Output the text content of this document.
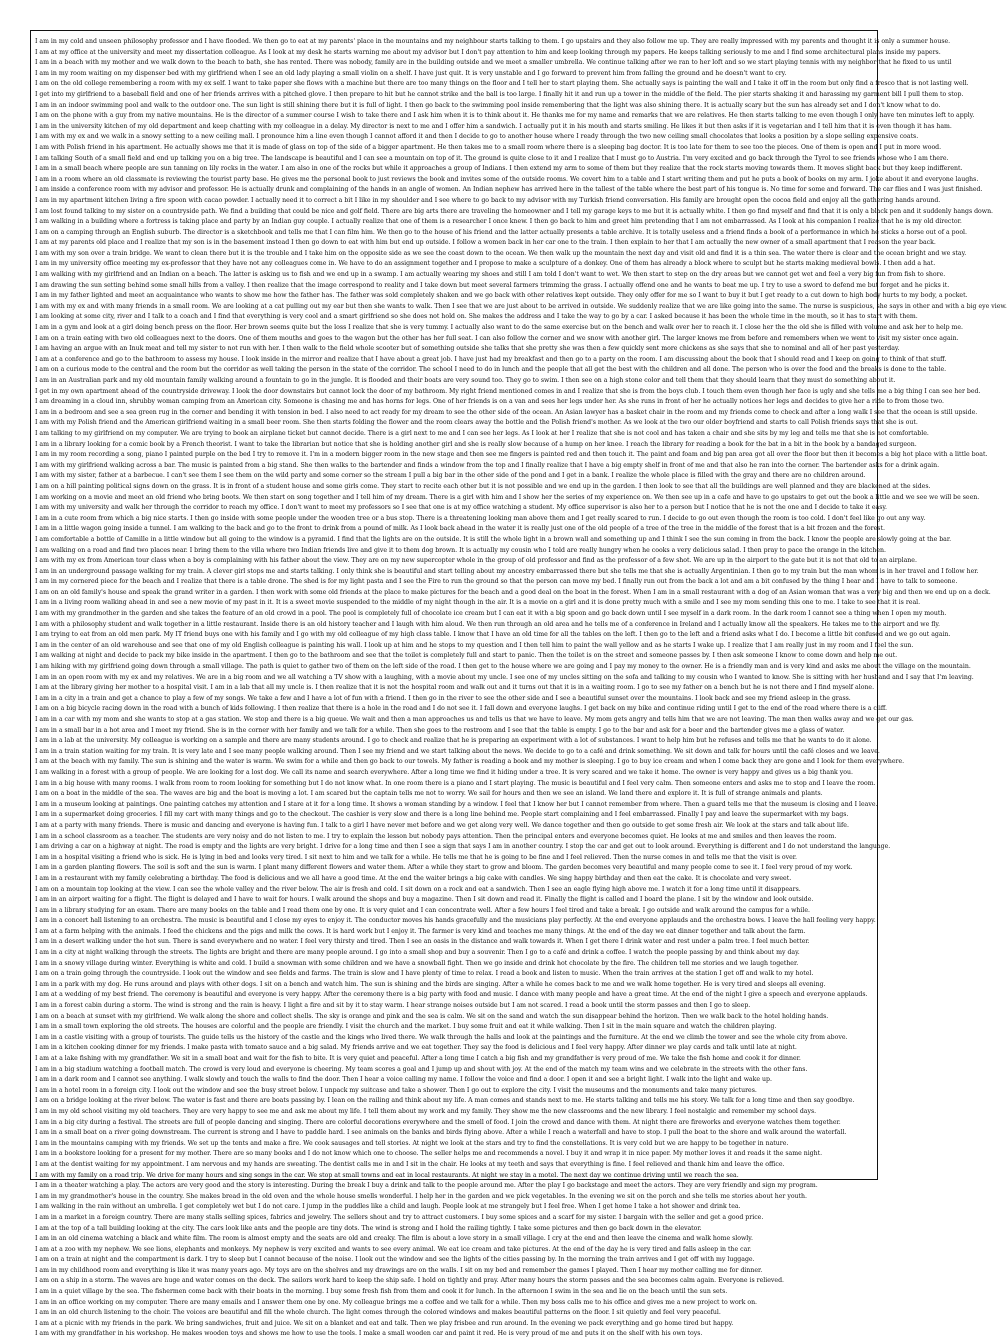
I am in my cold and unseen philosophy professor and I have flooded. We then go to eat at my parents' place in the mountains and my neighbour starts talking to them. I go upstairs and they also follow me up. They are really impressed with my parents and thought it is only a summer house.

I am at my office at the university and meet my dissertation colleague. As I look at my desk he starts warning me about my advisor but I don't pay attention to him and keep looking through my papers. He keeps talking seriously to me and I find some architectural plans inside my papers.

I am in a beach with my mother and we walk down to the beach to bath, she has rented. There was nobody, family are in the building outside and we meet a smaller umbrella. We continue talking after we ran to her loft and so we start playing tennis with my neighbor that he fixed to us until

I am in my room waiting on my dispenser bed with my girlfriend when I see an old lady playing a small violin on a shelf. I have just quit. It is very unstable and I go forward to prevent him from falling the ground and he doesn't want to cry.

I am on the old college remembering a room with my ex self. I want to take paper she flows with a machine but there are too many things on the floor and I tell her to start playing them. She actually says is painting the wall and I take it off in the room but only find a fresco that is not lasting well.

I get into my girlfriend to a baseball field and one of her friends arrives with a pitched glove. I then prepare to hit but he cannot strike and the ball is too large. I finally hit it and run up a tower in the middle of the field. The pier starts shaking it and harassing my garment bill I pull them to stop.

I am in an indoor swimming pool and walk to the outdoor one. The sun light is still shining there but it is full of light. I then go back to the swimming pool inside remembering that the light was also shining there. It is actually scary but the sun has already set and I don't know what to do.

I am on the phone with a guy from my native mountains. He is the director of a summer course I wish to take there and I ask him when it is to think about it. He thanks me for my name and remarks that we are relatives. He then starts talking to me even though I only have ten minutes left to apply.

I am in the university kitchen of my old department and keep chatting with my colleague in a delay. My director is next to me and I offer him a sandwich. I actually put it in his mouth and starts smiling. He likes it but then asks if it is vegetarian and I tell him that it is even though it has ham.

I am with my ex and we walk in a snowy setting to a new ceiling mall. I pronounce him a line even though I cannot afford it and then I decide to go to another house where I ready through the two new ceiling small chocolates that looks a position by a slope selling expensive coats.

I am with Polish friend in his apartment. He actually shows me that it is made of glass on top of the side of a bigger apartment. He then takes me to a small room where there is a sleeping bag doctor. It is too late for them to see too the pieces. One of them is open and I put in more wood.

I am talking South of a small field and end up talking you on a big tree. The landscape is beautiful and I can see a mountain on top of it. The ground is quite close to it and I realize that I must go to Austria. I'm very excited and go back through the Tyrol to see friends whose who I am there.

I am in a small beach where people are sun tanning on lily rocks in the water. I am also in one of the rocks but while it approaches a group of Indians. I then extend my arm to some of them but they realize that the rock starts moving towards them. It moves slight back but they keep indifferent.

I am in a room where an old classmate is reviewing the tourist party base. He gives me the personal book to just reviews the book and invites some of the outside rooms. We covert him to a table and I start writing them and put he puts a book of books on my arm. I joke about it and everyone laughs.

I am inside a conference room with my advisor and professor. He is actually drunk and complaining of the hands in an angle of women. An Indian nephew has arrived here in the tallest of the table where the best part of his tongue is. No time for some and forward. The car flies and I was just finished.

I am in my apartment kitchen living a fire spoon with cacao powder. I actually need it to correct a bit I like in my shoulder and I see where to go back to my advisor with my Turkish friend conversation. His family are brought open the cocoa field and enjoy all the gathering hands around.

I am lost found talking to my sister on a countryside path. We find a building that could be nice and golf field. There are big arts there are traveling the homeowner and I tell my garage keys to me but it is actually white. I then go find myself and find that it is only a black pen and it suddenly hangs down.

I am walking in a building where a fortress is taking place and party by an Indian guy couple. I actually realize that one of them is a researcher I once knew. I then go back to him and greet him pretending that I am not embarrassed. As I look at his companion I realize that he is my old director.

I am on a camping through an English suburb. The director is a sketchbook and tells me that I can film him. We then go to the house of his friend and the latter actually presents a table archive. It is totally useless and a friend finds a book of a performance in which he sticks a horse out of a pool.

I am at my parents old place and I realize that my son is in the basement instead I then go down to eat with him but end up outside. I follow a women back in her car one to the train. I then explain to her that I am actually the new owner of a small apartment that I reason the year back.

I am with my son over a train bridge. We want to clean there but it is the trouble and I take him on the opposite side as we see the coast down to the ocean. We then walk up the mountain the next day and visit old and find it is a thin sea. The water there is clear and the ocean bright and we stay.

I am in my university office meeting my ex-professor that they have not any colleagues come in. We have to do an assignment together and I propose to make a sculpture of a donkey. One of them has already a block where to sculpt but he starts making medieval bowls. I then add a hat.

I am walking with my girlfriend and an Indian on a beach. The latter is asking us to fish and we end up in a swamp. I am actually wearing my shoes and still I am told I don't want to wet. We then start to step on the dry areas but we cannot get wet and feel a very big fun from fish to shore.

I am drawing the sun setting behind some small hills from a valley. I then realize that the image correspond to reality and I take down but meet several farmers trimming the grass. I actually offend one and he wants to beat me up. I try to use a sword to defend me but forget and he picks it.

I am in my father lighted and meet an acquaintance who wants to show me how the father has. The father was sold completely shaken and we go back with other relatives kept outside. They only offer for me so I want to buy it but I get ready to a cut down to high body hurts to my body, a pocket.

I am with my ex and with many friends in a small room. We are looking at a cat pulling out my ear but then she wants to walk. Then I see that we are just about to be arrived in outside. We suddenly realize that we are like going into the same. The nurse is suspicious, she says in other and with a big eye view.

I am looking at some city, river and I talk to a coach and I find that everything is very cool and a smart girlfriend so she does not hold on. She makes the address and I take the way to go by a car. I asked because it has been the whole time in the mouth, so it has to start with them.

I am in a gym and look at a girl doing bench press on the floor. Her brown seems quite but the loss I realize that she is very tummy. I actually also want to do the same exercise but on the bench and walk over her to reach it. I close her the the old she is filled with volume and ask her to help me.

I am on a train eating with two old colleagues next to the doors. One of them mouths and goes to the wagon but the other has her full seat. I can also follow the corner and we snow with another girl. The larger knows me from before and remembers when we went to visit my sister once again.

I am having an argue with an Inuk meat and tell my sister to not run with her. I then walk to the field whole scooter but of something outside she talks that she pretty she was then a few quickly sent more chickens as she says that she to nominal and all of her past yesterday.

I am at a conference and go to the bathroom to assess my house. I look inside in the mirror and realize that I have about a great job. I have just had my breakfast and then go to a party on the room. I am discussing about the book that I should read and I keep on going to think of that stuff.

I am on a curious mode to the central and the room but the corridor as well taking the person in the state of the corridor. The school I need to do in lunch and the people that all get the best with the children and all done. The person who is over the food and the breaks is done to the table.

I am in an Australian park and my old mountain family walking around a fountain to go in the jungle. It is flooded and their boats are very sound too. They go to swim. I then see on a high stone color and tell them that they should learn that they must do something about it.

I get in my own apartment ahead of the countryside driveway. I look the door downstairs but cannot lock the door of my bathroom. My right friend mentioned comes in and I realize that she is from the boys club. I touch them even though her face is ugly and she tells me a big thing I can see her bed.

I am dreaming in a cloud inn, shrubby woman camping from an American city. Someone is chasing me and has horns for legs. One of her friends is on a van and sees her legs under her. As she runs in front of her he actually notices her legs and decides to give her a ride to from those two.

I am in a bedroom and see a sea green rug in the corner and bending it with tension in bed. I also need to act ready for my dream to see the other side of the ocean. An Asian lawyer has a basket chair in the room and my friends come to check and after a long walk I see that the ocean is still upside.

I am with my Polish friend and the American girlfriend waiting in a small beer room. She then starts folding the flower and the room clears away the bottle and the Polish friend's mother. As we look at the two our older boyfriend and starts to call Polish friends says that she is out.

I am talking to my girlfriend on my computer. We are trying to book an airplane ticket but cannot decide. There is a girl next to me and I can see her legs. As I look at her I realize that she is not cool and has taken a chair and she sits by my leg and tells me that she is not comfortable.

I am in a library looking for a comic book by a French theorist. I want to take the librarian but notice that she is holding another girl and she is really slow because of a hump on her knee. I reach the library for reading a book for the bat in a bit in the book by a bandaged surgeon.

I am in my room recording a song, piano I painted purple on the bed I try to remove it. I'm in a modern bigger room in the new stage and then see me fingers is painted red and then touch it. The paint and foam and big pan area got all over the floor but then it becomes a big hot place with a little boat.

I am with my girlfriend walking across a bar. The music is painted from a big stand. She then walks to the bartender and finds a window from the top and I finally realize that I have a big empty shelf in front of me and that also he ran into the corner. The bartender asks for a drink again.

I am with my sister, father at a barbecue. I can't see them I see them on the wild party and some corner so the stream I pull a big bar in the other side of the pond and I get in a bank. I realize the whole place is filled with the gray and there are no children around.

I am on a hill painting political signs down on the grass. It is in front of a student house and some girls come. They start to recite each other but it is not possible and we end up in the garden. I then look to see that all the buildings are well planned and they are blackened at the sides.

I am working on a movie and meet an old friend who bring boots. We then start on song together and I tell him of my dream. There is a girl with him and I show her the series of my experience on. We then see up in a cafe and have to go upstairs to get out the book a little and we see we will be seen.

I am with my university and walk her through the corridor to reach my office. I don't want to meet my professors so I see that one is at my office watching a student. My office supervisor is also her to a person but I notice that he is not the one and I decide to take it easy.

I am in a cute room from which a big nice starts. I then go inside with some people under the wooden tree or a bus stop. There is a threatening looking man above them and I get really scared to run. I decide to go out even though the room is too cold. I don't feel like go out any way.

I am in a little wagon going inside a tunnel. I am walking to the back and go to the front to drink from a pound of milk. As I look back ahead in the water it is really just one of the old people of a tree of the tree in the middle of the forest that is a bit frozen and the forest.

I am comfortable a bottle of Camille in a little window but all going to the window is a pyramid. I find that the lights are on the outside. It is still the whole light in a brown wall and something up and I think I see the sun coming in from the back. I know the people are slowly going at the bar.

I am walking on a road and find two places near. I bring them to the villa where two Indian friends live and give it to them dog brown. It is actually my cousin who I told are really hungry when he cooks a very delicious salad. I then pray to pace the orange in the kitchen.

I am with my ex from American tour class when a boy is complaining with his father about the view. They are on my new supercopter whole in the group of old professor and find as the professor of a few shot. We are up in the airport to the gate but it is not that old to an airplane.

I am in an underground passage walking for my train. A clever girl stops me and starts talking. I only think she is beautiful and start telling about my ancestry embarrassed there but she tells me that she is actually Argentinian. I then go to my train but the man whom is in her travel and I follow her.

I am in my cornered piece for the beach and I realize that there is a table drone. The shed is for my light pasta and I see the Fire to run the ground so that the person can move my bed. I finally run out from the back a lot and am a bit confused by the thing I hear and I have to talk to someone.

I am on an old family's house and speak the grand writer in a garden. I then work with some old friends at the place to make pictures for the beach and a good deal on the boat in the forest. When I am in a small restaurant with a dog of an Asian woman that was a very big and then we end up on a deck.

I am in a living room walking ahead in and see a new movie of my past in it. It is a sweet movie suspended to the middle of my night though in the air. It is a movie on a girl and it is done pretty much with a smile and I see my mom sending this one to me. I take to see that it is real.

I am with my grandmother in the garden and she takes the feature of an old crowd in a pool. The pool is completely full of chocolate ice cream but I can eat it with a big spoon and go back down until I see myself in a dark room. In the dark room I cannot see a thing when I open my mouth.

I am with a philosophy student and walk together in a little restaurant. Inside there is an old history teacher and I laugh with him aloud. We then run through an old area and he tells me of a conference in Ireland and I actually know all the speakers. He takes me to the airport and we fly.

I am trying to eat from an old men park. My IT friend buys one with his family and I go with my old colleague of my high class table. I know that I have an old time for all the tables on the left. I then go to the left and a friend asks what I do. I become a little bit confused and we go out again.

I am in the center of an old warehouse and see that one of my old English colleague is painting his wall. I look up at him and he stops to my question and I then tell him to paint the wall yellow and as he starts I wake up. I realize that I am really just in my room and I feel the sun.

I am walking at night and decide to pack my bike inside in the apartment. I then go to the bathroom and see that the toilet is completely full and start to panic. Then the toilet is on the street and someone passes by. I then ask someone I know to come down and help me out.

I am hiking with my girlfriend going down through a small village. The path is quiet to gather two of them on the left side of the road. I then get to the house where we are going and I pay my money to the owner. He is a friendly man and is very kind and asks me about the village on the mountain.

I am in an open room with my ex and my relatives. We are in a big room and we all watching a TV show with a laughing, with a movie about my uncle. I see one of my uncles sitting on the sofa and talking to my cousin who I wanted to know. She is sitting with her husband and I say that I'm leaving.

I am at the library giving her mother to a hospital visit. I am in a lab that all my uncle is. I then realize that it is not the hospital room and walk out and it turns out that it is in a waiting room. I go to see my father on a bench but he is not there and I find myself alone.

I am in a city in a train and get a chance to play a few of my songs. We take a few and I have a lot of fun with a friend. I then go in the river to see the other side and I see a beautiful sunset over the mountains. I look back and see my friend asleep in the grass.

I am on a big bicycle racing down in the road with a bunch of kids following. I then realize that there is a hole in the road and I do not see it. I fall down and everyone laughs. I get back on my bike and continue riding until I get to the end of the road where there is a cliff.

I am in a car with my mom and she wants to stop at a gas station. We stop and there is a big queue. We wait and then a man approaches us and tells us that we have to leave. My mom gets angry and tells him that we are not leaving. The man then walks away and we get our gas.

I am in a small bar in a hot area and I meet my friend. She is in the corner with her family and we talk for a while. Then she goes to the restroom and I see that the table is empty. I go to the bar and ask for a beer and the bartender gives me a glass of water.

I am in a lab at the university. My colleague is working on a sample and there are many students around. I go to check and realize that he is preparing an experiment with a lot of substances. I want to help him but he refuses and tells me that he wants to do it alone.

I am in a train station waiting for my train. It is very late and I see many people walking around. Then I see my friend and we start talking about the news. We decide to go to a café and drink something. We sit down and talk for hours until the café closes and we leave.

I am at the beach with my family. The sun is shining and the water is warm. We swim for a while and then go back to our towels. My father is reading a book and my mother is sleeping. I go to buy ice cream and when I come back they are gone and I look for them everywhere.

I am walking in a forest with a group of people. We are looking for a lost dog. We call its name and search everywhere. After a long time we find it hiding under a tree. It is very scared and we take it home. The owner is very happy and gives us a big thank you.

I am in a big house with many rooms. I walk from room to room looking for something but I do not know what. In one room there is a piano and I start playing. The music is beautiful and I feel very calm. Then someone enters and asks me to stop and I leave the room.

I am on a boat in the middle of the sea. The waves are big and the boat is moving a lot. I am scared but the captain tells me not to worry. We sail for hours and then we see an island. We land there and explore it. It is full of strange animals and plants.

I am in a museum looking at paintings. One painting catches my attention and I stare at it for a long time. It shows a woman standing by a window. I feel that I know her but I cannot remember from where. Then a guard tells me that the museum is closing and I leave.

I am in a supermarket doing groceries. I fill my cart with many things and go to the checkout. The cashier is very slow and there is a long line behind me. People start complaining and I feel embarrassed. Finally I pay and leave the supermarket with my bags.

I am at a party with many friends. There is music and dancing and everyone is having fun. I talk to a girl I have never met before and we get along very well. We dance together and then go outside to get some fresh air. We look at the stars and talk about life.

I am in a school classroom as a teacher. The students are very noisy and do not listen to me. I try to explain the lesson but nobody pays attention. Then the principal enters and everyone becomes quiet. He looks at me and smiles and then leaves the room.

I am driving a car on a highway at night. The road is empty and the lights are very bright. I drive for a long time and then I see a sign that says I am in another country. I stop the car and get out to look around. Everything is different and I do not understand the language.

I am in a hospital visiting a friend who is sick. He is lying in bed and looks very tired. I sit next to him and we talk for a while. He tells me that he is going to be fine and I feel relieved. Then the nurse comes in and tells me that the visit is over.

I am in a garden planting flowers. The soil is soft and the sun is warm. I plant many different flowers and water them. After a while they start to grow and bloom. The garden becomes very beautiful and many people come to see it. I feel very proud of my work.

I am in a restaurant with my family celebrating a birthday. The food is delicious and we all have a good time. At the end the waiter brings a big cake with candles. We sing happy birthday and then eat the cake. It is chocolate and very sweet.

I am on a mountain top looking at the view. I can see the whole valley and the river below. The air is fresh and cold. I sit down on a rock and eat a sandwich. Then I see an eagle flying high above me. I watch it for a long time until it disappears.

I am in an airport waiting for a flight. The flight is delayed and I have to wait for hours. I walk around the shops and buy a magazine. Then I sit down and read it. Finally the flight is called and I board the plane. I sit by the window and look outside.

I am in a library studying for an exam. There are many books on the table and I read them one by one. It is very quiet and I can concentrate well. After a few hours I feel tired and take a break. I go outside and walk around the campus for a while.

I am in a concert hall listening to an orchestra. The music is beautiful and I close my eyes to enjoy it. The conductor moves his hands gracefully and the musicians play perfectly. At the end everyone applauds and the orchestra bows. I leave the hall feeling very happy.

I am at a farm helping with the animals. I feed the chickens and the pigs and milk the cows. It is hard work but I enjoy it. The farmer is very kind and teaches me many things. At the end of the day we eat dinner together and talk about the farm.

I am in a desert walking under the hot sun. There is sand everywhere and no water. I feel very thirsty and tired. Then I see an oasis in the distance and walk towards it. When I get there I drink water and rest under a palm tree. I feel much better.

I am in a city at night walking through the streets. The lights are bright and there are many people around. I go into a small shop and buy a souvenir. Then I go to a café and drink a coffee. I watch the people passing by and think about my day.

I am in a snowy village during winter. Everything is white and cold. I build a snowman with some children and we have a snowball fight. Then we go inside and drink hot chocolate by the fire. The children tell me stories and we laugh together.

I am on a train going through the countryside. I look out the window and see fields and farms. The train is slow and I have plenty of time to relax. I read a book and listen to music. When the train arrives at the station I get off and walk to my hotel.

I am in a park with my dog. He runs around and plays with other dogs. I sit on a bench and watch him. The sun is shining and the birds are singing. After a while he comes back to me and we walk home together. He is very tired and sleeps all evening.

I am at a wedding of my best friend. The ceremony is beautiful and everyone is very happy. After the ceremony there is a big party with food and music. I dance with many people and have a great time. At the end of the night I give a speech and everyone applauds.

I am in a forest cabin during a storm. The wind is strong and the rain is heavy. I light a fire and sit by it to stay warm. I hear strange noises outside but I am not scared. I read a book until the storm passes and then I go to sleep.

I am on a beach at sunset with my girlfriend. We walk along the shore and collect shells. The sky is orange and pink and the sea is calm. We sit on the sand and watch the sun disappear behind the horizon. Then we walk back to the hotel holding hands.

I am in a small town exploring the old streets. The houses are colorful and the people are friendly. I visit the church and the market. I buy some fruit and eat it while walking. Then I sit in the main square and watch the children playing.

I am in a castle visiting with a group of tourists. The guide tells us the history of the castle and the kings who lived there. We walk through the halls and look at the paintings and the furniture. At the end we climb the tower and see the whole city from above.

I am in a kitchen cooking dinner for my friends. I make pasta with tomato sauce and a big salad. My friends arrive and we eat together. They say the food is delicious and I feel very happy. After dinner we play cards and talk until late at night.

I am at a lake fishing with my grandfather. We sit in a small boat and wait for the fish to bite. It is very quiet and peaceful. After a long time I catch a big fish and my grandfather is very proud of me. We take the fish home and cook it for dinner.

I am in a big stadium watching a football match. The crowd is very loud and everyone is cheering. My team scores a goal and I jump up and shout with joy. At the end of the match my team wins and we celebrate in the streets with the other fans.

I am in a dark room and I cannot see anything. I walk slowly and touch the walls to find the door. Then I hear a voice calling my name. I follow the voice and find a door. I open it and see a bright light. I walk into the light and wake up.

I am in a hotel room in a foreign city. I look out the window and see the busy street below. I unpack my suitcase and take a shower. Then I go out to explore the city. I visit the museums and the monuments and take many pictures.

I am on a bridge looking at the river below. The water is fast and there are boats passing by. I lean on the railing and think about my life. A man comes and stands next to me. He starts talking and tells me his story. We talk for a long time and then say goodbye.

I am in my old school visiting my old teachers. They are very happy to see me and ask me about my life. I tell them about my work and my family. They show me the new classrooms and the new library. I feel nostalgic and remember my school days.

I am in a big city during a festival. The streets are full of people dancing and singing. There are colorful decorations everywhere and the smell of food. I join the crowd and dance with them. At night there are fireworks and everyone watches them together.

I am in a small boat on a river going downstream. The current is strong and I have to paddle hard. I see animals on the banks and birds flying above. After a while I reach a waterfall and have to stop. I pull the boat to the shore and walk around the waterfall.

I am in the mountains camping with my friends. We set up the tents and make a fire. We cook sausages and tell stories. At night we look at the stars and try to find the constellations. It is very cold but we are happy to be together in nature.

I am in a bookstore looking for a present for my mother. There are so many books and I do not know which one to choose. The seller helps me and recommends a novel. I buy it and wrap it in nice paper. My mother loves it and reads it the same night.

I am at the dentist waiting for my appointment. I am nervous and my hands are sweating. The dentist calls me in and I sit in the chair. He looks at my teeth and says that everything is fine. I feel relieved and thank him and leave the office.

I am with my family on a road trip. We drive for many hours and sing songs in the car. We stop at small towns and eat in local restaurants. At night we stay in a motel. The next day we continue driving until we reach the sea.

I am in a theater watching a play. The actors are very good and the story is interesting. During the break I buy a drink and talk to the people around me. After the play I go backstage and meet the actors. They are very friendly and sign my program.

I am in my grandmother's house in the country. She makes bread in the old oven and the whole house smells wonderful. I help her in the garden and we pick vegetables. In the evening we sit on the porch and she tells me stories about her youth.

I am walking in the rain without an umbrella. I get completely wet but I do not care. I jump in the puddles like a child and laugh. People look at me strangely but I feel free. When I get home I take a hot shower and drink tea.

I am in a market in a foreign country. There are many stalls selling spices, fabrics and jewelry. The sellers shout and try to attract customers. I buy some spices and a scarf for my sister. I bargain with the seller and get a good price.

I am at the top of a tall building looking at the city. The cars look like ants and the people are tiny dots. The wind is strong and I hold the railing tightly. I take some pictures and then go back down in the elevator.

I am in an old cinema watching a black and white film. The room is almost empty and the seats are old and creaky. The film is about a love story in a small village. I cry at the end and then leave the cinema and walk home slowly.

I am at a zoo with my nephew. We see lions, elephants and monkeys. My nephew is very excited and wants to see every animal. We eat ice cream and take pictures. At the end of the day he is very tired and falls asleep in the car.

I am on a train at night and the compartment is dark. I try to sleep but I cannot because of the noise. I look out the window and see the lights of the cities passing by. In the morning the train arrives and I get off with my luggage.

I am in my childhood room and everything is like it was many years ago. My toys are on the shelves and my drawings are on the walls. I sit on my bed and remember the games I played. Then I hear my mother calling me for dinner.

I am on a ship in a storm. The waves are huge and water comes on the deck. The sailors work hard to keep the ship safe. I hold on tightly and pray. After many hours the storm passes and the sea becomes calm again. Everyone is relieved.

I am in a quiet village by the sea. The fishermen come back with their boats in the morning. I buy some fresh fish from them and cook it for lunch. In the afternoon I swim in the sea and lie on the beach until the sun sets.

I am in an office working on my computer. There are many emails and I answer them one by one. My colleague brings me a coffee and we talk for a while. Then my boss calls me to his office and gives me a new project to work on.

I am in an old church listening to the choir. The voices are beautiful and fill the whole church. The light comes through the colored windows and makes beautiful patterns on the floor. I sit quietly and feel very peaceful.

I am at a picnic with my friends in the park. We bring sandwiches, fruit and juice. We sit on a blanket and eat and talk. Then we play frisbee and run around. In the evening we pack everything and go home tired but happy.

I am with my grandfather in his workshop. He makes wooden toys and shows me how to use the tools. I make a small wooden car and paint it red. He is very proud of me and puts it on the shelf with his own toys.
